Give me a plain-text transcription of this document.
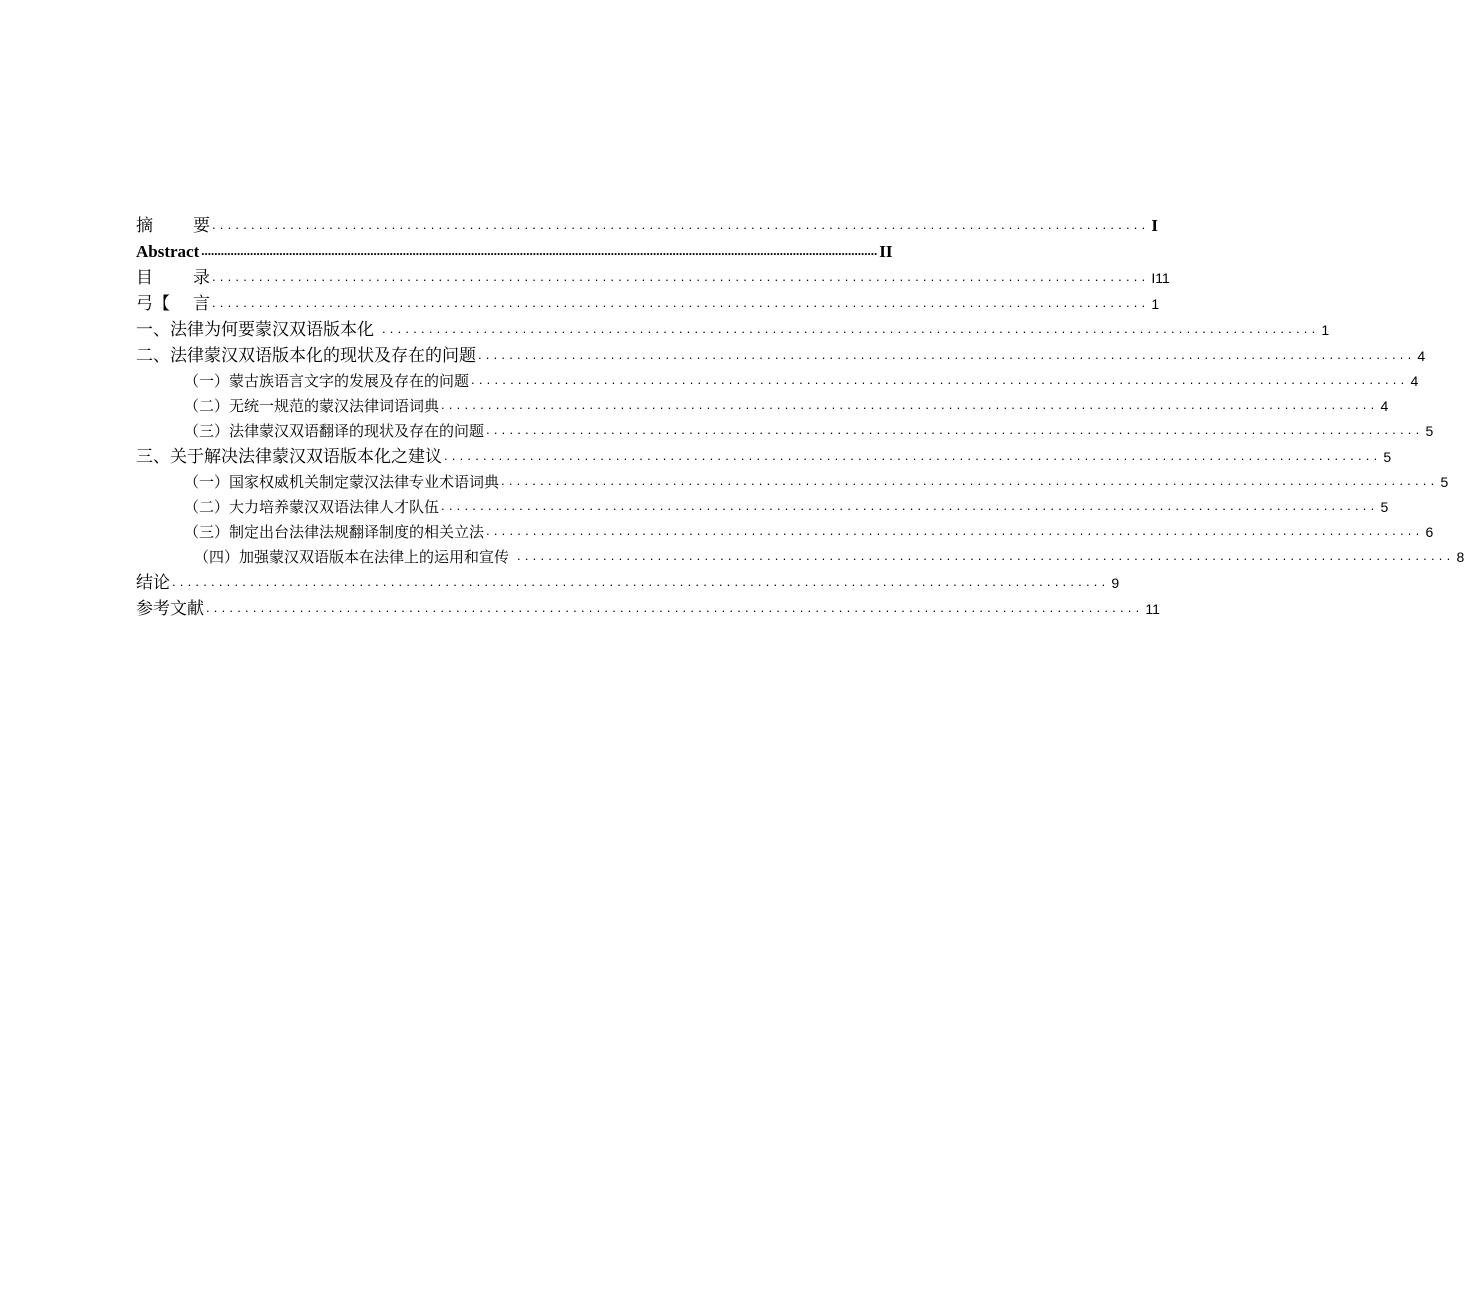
摘 要 ........................................................................................................................ I
Abstract ................................................................................................................................................................................................................ II
目 录 ........................................................................................................................ I11
弓【 言 ........................................................................................................................ 1
一、法律为何要蒙汉双语版本化 ........................................................................................................................ 1
二、法律蒙汉双语版本化的现状及存在的问题 ........................................................................................................................ 4
（一）蒙古族语言文字的发展及存在的问题 ........................................................................................................................ 4
（二）无统一规范的蒙汉法律词语词典 ........................................................................................................................ 4
（三）法律蒙汉双语翻译的现状及存在的问题 ........................................................................................................................ 5
三、关于解决法律蒙汉双语版本化之建议 ........................................................................................................................ 5
（一）国家权威机关制定蒙汉法律专业术语词典 ........................................................................................................................ 5
（二）大力培养蒙汉双语法律人才队伍 ........................................................................................................................ 5
（三）制定出台法律法规翻译制度的相关立法 ........................................................................................................................ 6
（四）加强蒙汉双语版本在法律上的运用和宣传 ........................................................................................................................ 8
结论 ........................................................................................................................ 9
参考文献 ........................................................................................................................ 11
